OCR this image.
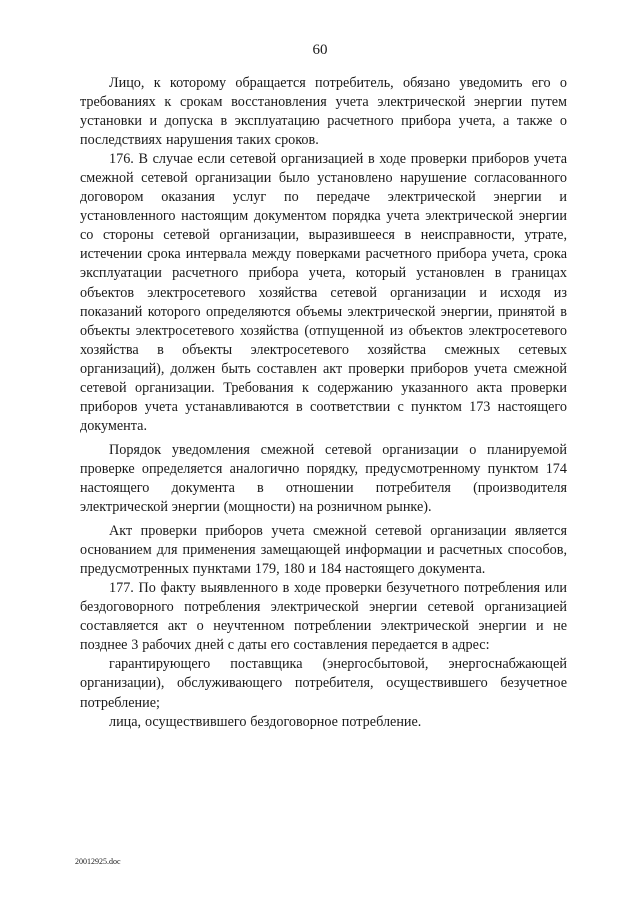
60

Лицо, к которому обращается потребитель, обязано уведомить его о требованиях к срокам восстановления учета электрической энергии путем установки и допуска в эксплуатацию расчетного прибора учета, а также о последствиях нарушения таких сроков.

176. В случае если сетевой организацией в ходе проверки приборов учета смежной сетевой организации было установлено нарушение согласованного договором оказания услуг по передаче электрической энергии и установленного настоящим документом порядка учета электрической энергии со стороны сетевой организации, выразившееся в неисправности, утрате, истечении срока интервала между поверками расчетного прибора учета, срока эксплуатации расчетного прибора учета, который установлен в границах объектов электросетевого хозяйства сетевой организации и исходя из показаний которого определяются объемы электрической энергии, принятой в объекты электросетевого хозяйства (отпущенной из объектов электросетевого хозяйства в объекты электросетевого хозяйства смежных сетевых организаций), должен быть составлен акт проверки приборов учета смежной сетевой организации. Требования к содержанию указанного акта проверки приборов учета устанавливаются в соответствии с пунктом 173 настоящего документа.

Порядок уведомления смежной сетевой организации о планируемой проверке определяется аналогично порядку, предусмотренному пунктом 174 настоящего документа в отношении потребителя (производителя электрической энергии (мощности) на розничном рынке).

Акт проверки приборов учета смежной сетевой организации является основанием для применения замещающей информации и расчетных способов, предусмотренных пунктами 179, 180 и 184 настоящего документа.

177. По факту выявленного в ходе проверки безучетного потребления или бездоговорного потребления электрической энергии сетевой организацией составляется акт о неучтенном потреблении электрической энергии и не позднее 3 рабочих дней с даты его составления передается в адрес:

гарантирующего поставщика (энергосбытовой, энергоснабжающей организации), обслуживающего потребителя, осуществившего безучетное потребление;

лица, осуществившего бездоговорное потребление.

20012925.doc
